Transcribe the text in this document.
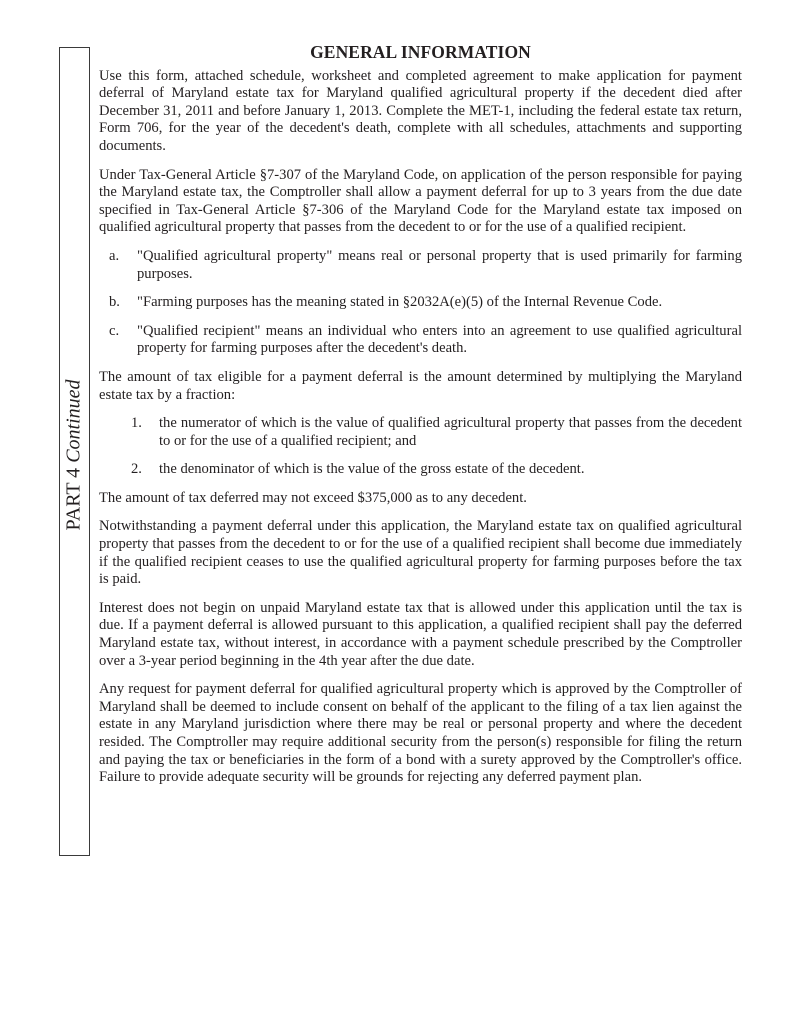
PART 4 Continued
GENERAL INFORMATION

Use this form, attached schedule, worksheet and completed agreement to make application for payment deferral of Maryland estate tax for Maryland qualified agricultural property if the decedent died after December 31, 2011 and before January 1, 2013. Complete the MET-1, including the federal estate tax return, Form 706, for the year of the decedent's death, complete with all schedules, attachments and supporting documents.

Under Tax-General Article §7-307 of the Maryland Code, on application of the person responsible for paying the Maryland estate tax, the Comptroller shall allow a payment deferral for up to 3 years from the due date specified in Tax-General Article §7-306 of the Maryland Code for the Maryland estate tax imposed on qualified agricultural property that passes from the decedent to or for the use of a qualified recipient.

a. "Qualified agricultural property" means real or personal property that is used primarily for farming purposes.
b. "Farming purposes has the meaning stated in §2032A(e)(5) of the Internal Revenue Code.
c. "Qualified recipient" means an individual who enters into an agreement to use qualified agricultural property for farming purposes after the decedent's death.

The amount of tax eligible for a payment deferral is the amount determined by multiplying the Maryland estate tax by a fraction:

1. the numerator of which is the value of qualified agricultural property that passes from the decedent to or for the use of a qualified recipient; and
2. the denominator of which is the value of the gross estate of the decedent.

The amount of tax deferred may not exceed $375,000 as to any decedent.

Notwithstanding a payment deferral under this application, the Maryland estate tax on qualified agricultural property that passes from the decedent to or for the use of a qualified recipient shall become due immediately if the qualified recipient ceases to use the qualified agricultural property for farming purposes before the tax is paid.

Interest does not begin on unpaid Maryland estate tax that is allowed under this application until the tax is due. If a payment deferral is allowed pursuant to this application, a qualified recipient shall pay the deferred Maryland estate tax, without interest, in accordance with a payment schedule prescribed by the Comptroller over a 3-year period beginning in the 4th year after the due date.

Any request for payment deferral for qualified agricultural property which is approved by the Comptroller of Maryland shall be deemed to include consent on behalf of the applicant to the filing of a tax lien against the estate in any Maryland jurisdiction where there may be real or personal property and where the decedent resided. The Comptroller may require additional security from the person(s) responsible for filing the return and paying the tax or beneficiaries in the form of a bond with a surety approved by the Comptroller's office. Failure to provide adequate security will be grounds for rejecting any deferred payment plan.
